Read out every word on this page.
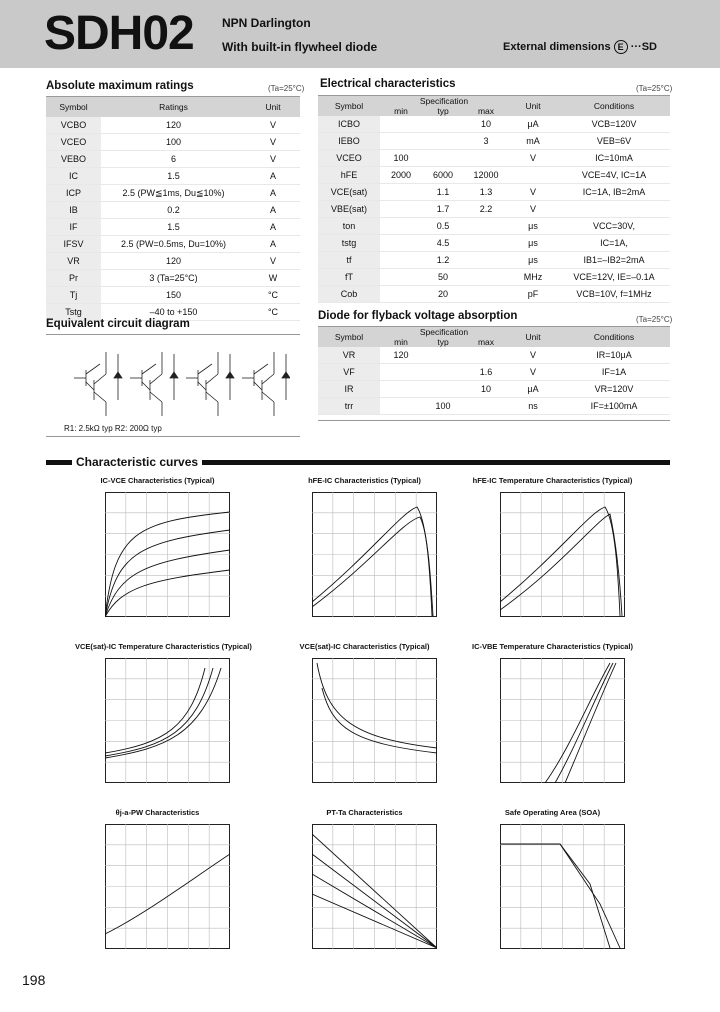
SDH02 NPN Darlington
With built-in flywheel diode	External dimensions E ···SD
Absolute maximum ratings	(Ta=25°C)
Symbol	Ratings	Unit
VCBO	120	V
VCEO	100	V
VEBO	6	V
IC	1.5	A
ICP	2.5 (PW≦1ms, Du≦10%)	A
IB	0.2	A
IF	1.5	A
IFSV	2.5 (PW=0.5ms, Du=10%)	A
VR	120	V
Pr	3 (Ta=25°C)	W
Tj	150	°C
Tstg	–40 to +150	°C
Electrical characteristics	(Ta=25°C)
Symbol	Specification			Unit	Conditions
	min	typ	max		
ICBO			10	μA	VCB=120V
IEBO			3	mA	VEB=6V
VCEO	100			V	IC=10mA
hFE	2000	6000	12000		VCE=4V, IC=1A
VCE(sat)		1.1	1.3	V	IC=1A, IB=2mA
VBE(sat)		1.7	2.2	V	
ton		0.5		μs	VCC=30V,
tstg		4.5		μs	IC=1A,
tf		1.2		μs	IB1=–IB2=2mA
fT		50		MHz	VCE=12V, IE=–0.1A
Cob		20		pF	VCB=10V, f=1MHz
Diode for flyback voltage absorption	(Ta=25°C)
Symbol	Specification			Unit	Conditions
	min	typ	max		
VR	120			V	IR=10μA
VF			1.6	V	IF=1A
IR			10	μA	VR=120V
trr		100		ns	IF=±100mA
Equivalent circuit diagram
R1: 2.5kΩ typ R2: 200Ω typ
Characteristic curves
IC-VCE Characteristics (Typical)	hFE-IC Characteristics (Typical)	hFE-IC Temperature Characteristics (Typical)
VCE(sat)-IC Temperature Characteristics (Typical)	VCE(sat)-IC Characteristics (Typical)	IC-VBE Temperature Characteristics (Typical)
θj-a-PW Characteristics	PT-Ta Characteristics	Safe Operating Area (SOA)
198
